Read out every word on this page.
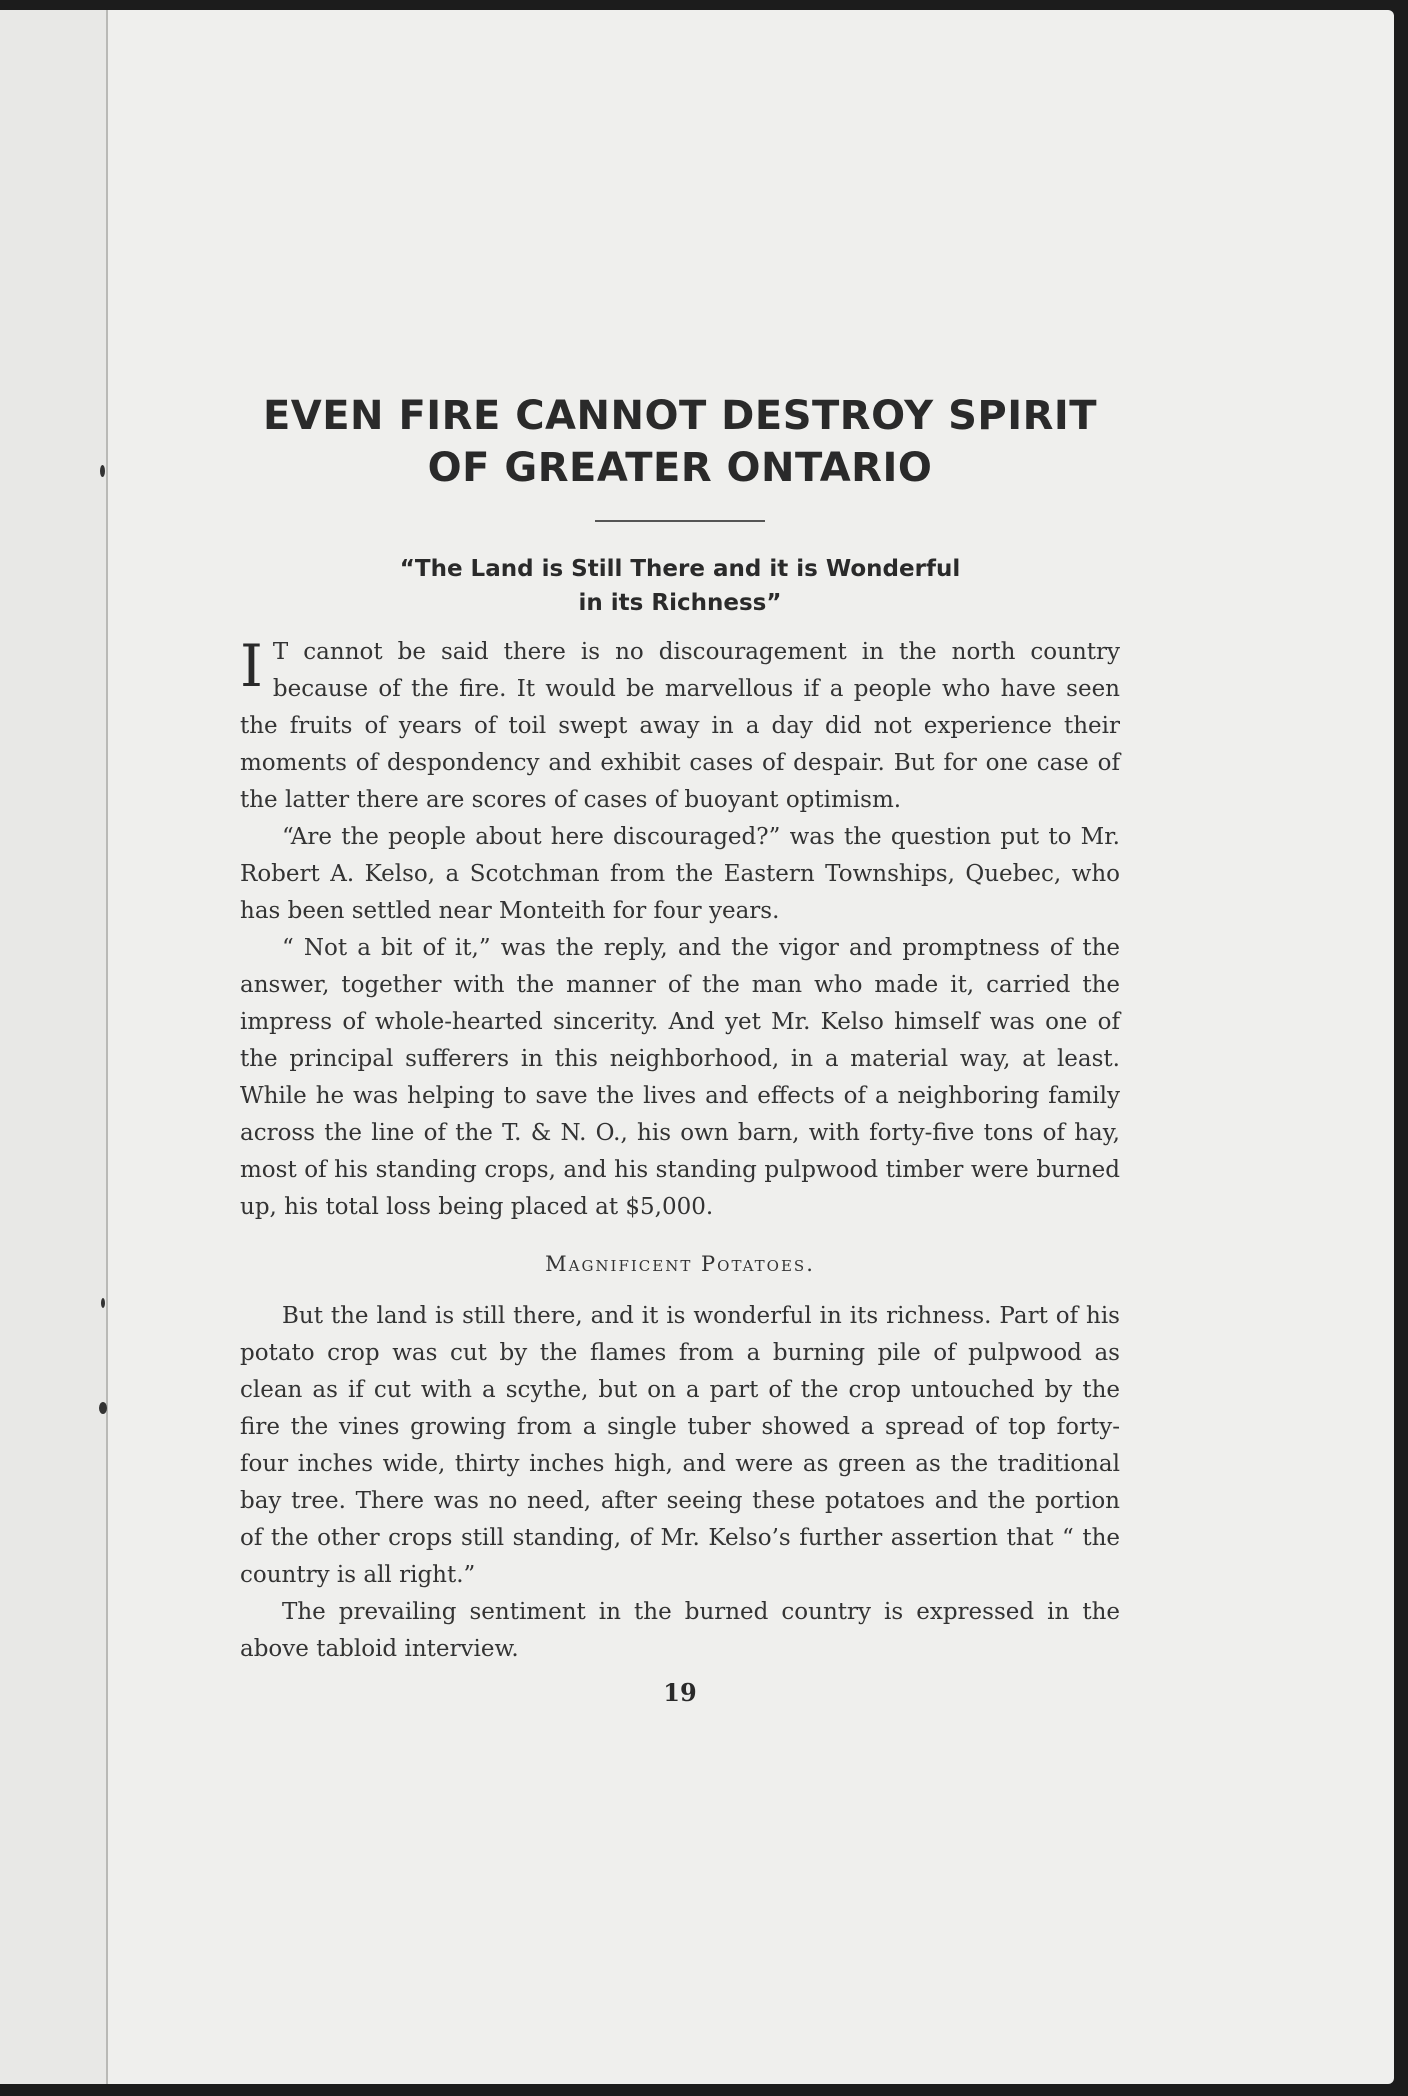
EVEN FIRE CANNOT DESTROY SPIRIT
OF GREATER ONTARIO
“The Land is Still There and it is Wonderful
in its Richness”

I T cannot be said there is no discouragement in the north country because of the fire. It would be marvellous if a people who have seen the fruits of years of toil swept away in a day did not experience their moments of despondency and exhibit cases of despair. But for one case of the latter there are scores of cases of buoyant optimism.

“Are the people about here discouraged?” was the question put to Mr. Robert A. Kelso, a Scotchman from the Eastern Townships, Quebec, who has been settled near Monteith for four years.

“ Not a bit of it,” was the reply, and the vigor and promptness of the answer, together with the manner of the man who made it, carried the impress of whole-hearted sincerity. And yet Mr. Kelso himself was one of the principal sufferers in this neighborhood, in a material way, at least. While he was helping to save the lives and effects of a neighboring family across the line of the T. & N. O., his own barn, with forty-five tons of hay, most of his standing crops, and his standing pulpwood timber were burned up, his total loss being placed at $5,000.

Magnificent Potatoes.

But the land is still there, and it is wonderful in its richness. Part of his potato crop was cut by the flames from a burning pile of pulpwood as clean as if cut with a scythe, but on a part of the crop untouched by the fire the vines growing from a single tuber showed a spread of top forty-four inches wide, thirty inches high, and were as green as the traditional bay tree. There was no need, after seeing these potatoes and the portion of the other crops still standing, of Mr. Kelso’s further assertion that “ the country is all right.”

The prevailing sentiment in the burned country is expressed in the above tabloid interview.

19
